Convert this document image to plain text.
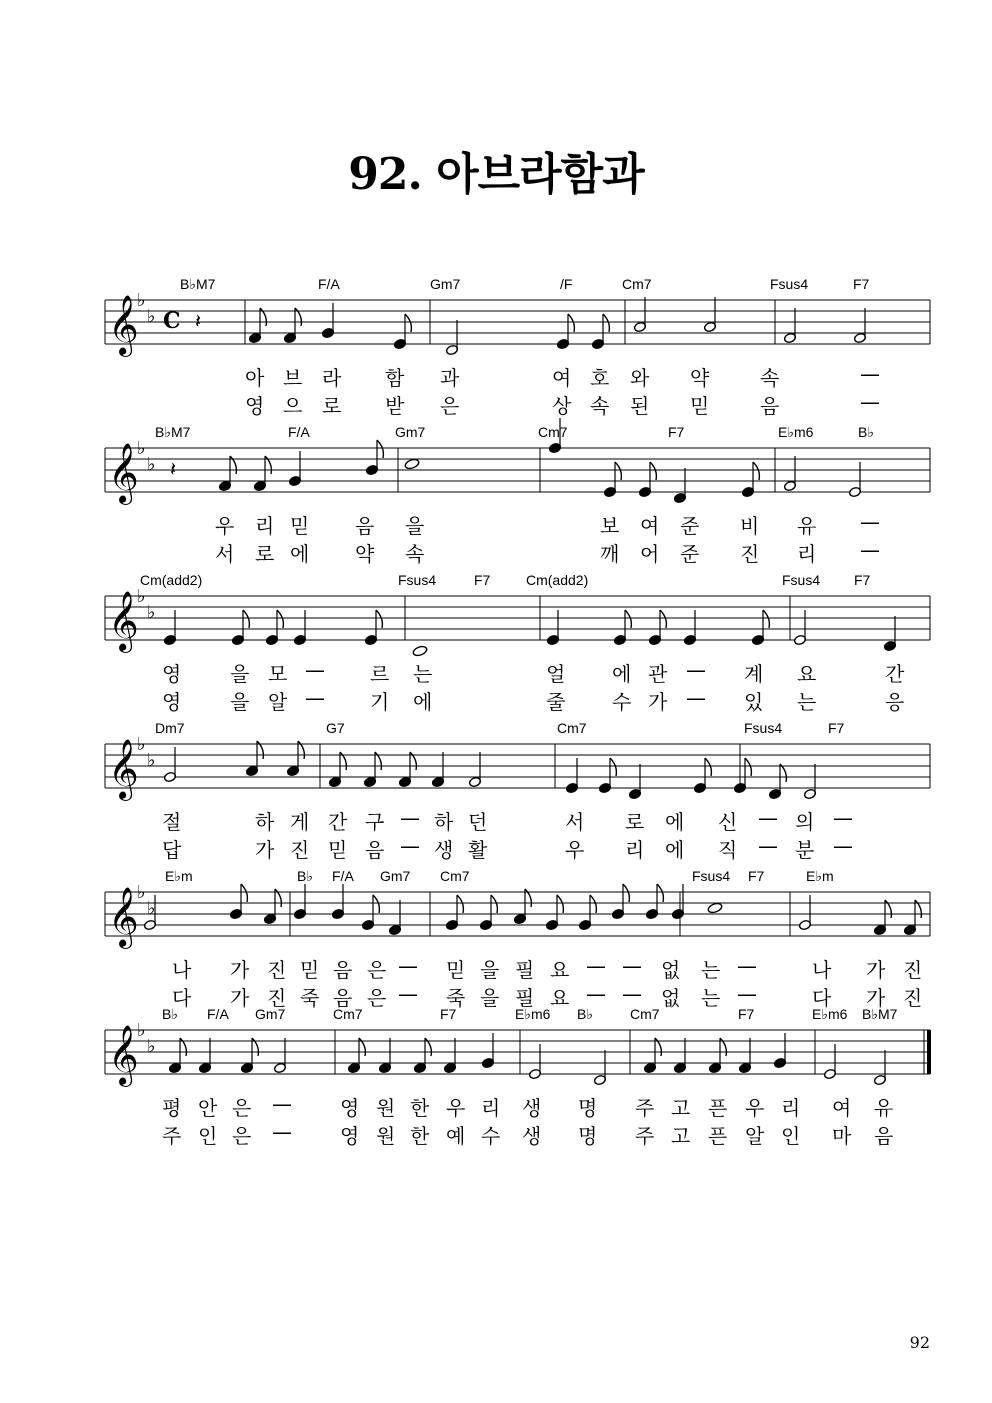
92. 아브라함과
𝄞
♭
♭ C 𝄽
B♭M7	F/A	Gm7	/F	Cm7	Fsus4	F7
아 브 라 함 과	여 호 와 약	속	—
영 으 로 받 은	상 속 된 믿	음	—
𝄞
♭
♭ 𝄽
B♭M7	F/A	Gm7	Cm7	F7	E♭m6	B♭
우 리 믿 음 을	보 여 준 비 유 —
서 로 에 약 속	깨 어 준 진 리 —
𝄞
♭
♭
Cm(add2)	Fsus4	F7	Cm(add2)	Fsus4 F7
영 을 모 — 르 는	얼 에 관 — 계 요	간
영 을 알 — 기 에	줄 수 가 — 있 는	응
𝄞
♭
♭
Dm7	G7	Cm7	Fsus4	F7
절	하 게 간 구 — 하 던	서 로 에 신 — 의 —
답	가 진 믿 음 — 생 활	우 리 에 직 — 분 —
𝄞
♭
♭
E♭m	B♭ F/A Gm7 Cm7	Fsus4 F7	E♭m
나 가 진 믿 음 은 — 믿 을 필 요 — — 없 는 —	나 가 진
다 가 진 죽 음 은 — 죽 을 필 요 — — 없 는 —	다 가 진
𝄞
♭
♭
B♭ F/A Gm7	Cm7	F7	E♭m6 B♭	Cm7	F7	E♭m6 B♭M7
평 안 은 — 영 원 한 우 리 생 명 주 고 픈 우 리 여 유
주 인 은 — 영 원 한 예 수 생 명 주 고 픈 알 인 마 음
92
